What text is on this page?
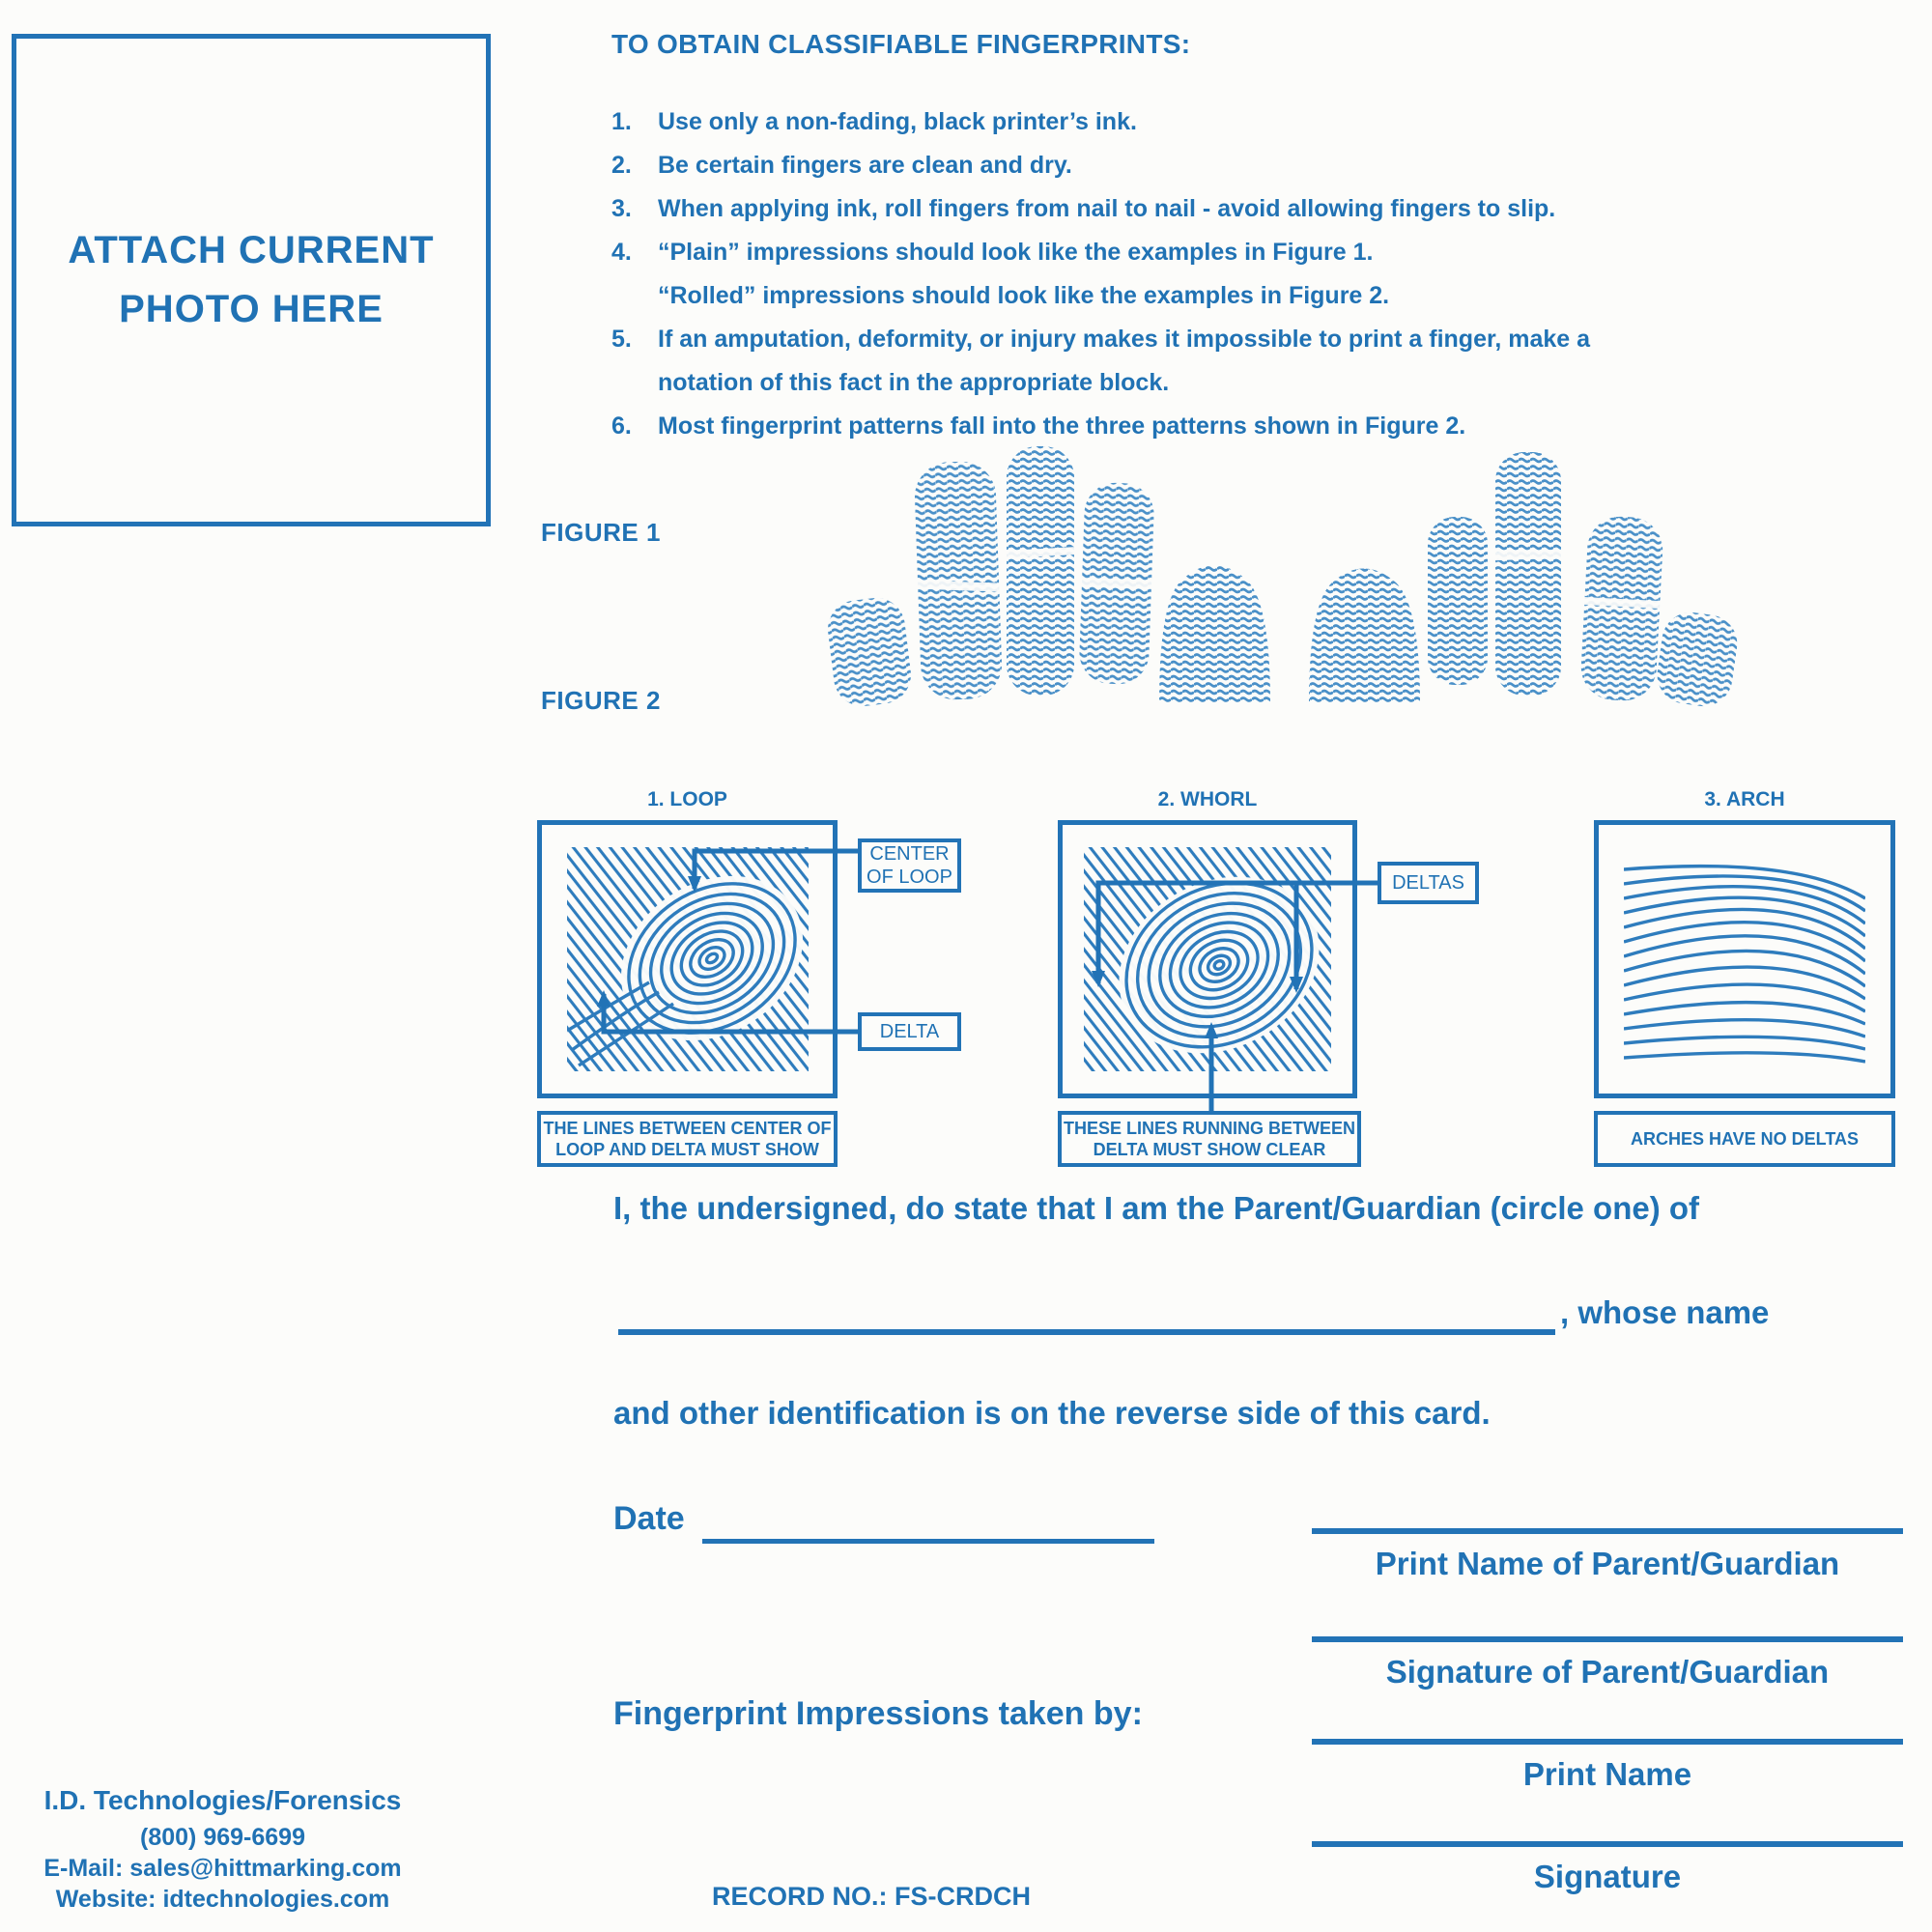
ATTACH CURRENT
PHOTO HERE
TO OBTAIN CLASSIFIABLE FINGERPRINTS:
1. Use only a non-fading, black printer’s ink.
2. Be certain fingers are clean and dry.
3. When applying ink, roll fingers from nail to nail - avoid allowing fingers to slip.
4. “Plain” impressions should look like the examples in Figure 1.
“Rolled” impressions should look like the examples in Figure 2.
5. If an amputation, deformity, or injury makes it impossible to print a finger, make a
notation of this fact in the appropriate block.
6. Most fingerprint patterns fall into the three patterns shown in Figure 2.
FIGURE 1
FIGURE 2
1. LOOP	2. WHORL	3. ARCH
THE LINES BETWEEN CENTER OF
LOOP AND DELTA MUST SHOW
THESE LINES RUNNING BETWEEN
DELTA MUST SHOW CLEAR
ARCHES HAVE NO DELTAS
CENTER
OF LOOP
DELTA
DELTAS
I, the undersigned, do state that I am the Parent/Guardian (circle one) of
, whose name
and other identification is on the reverse side of this card.
Date
Print Name of Parent/Guardian
Signature of Parent/Guardian
Fingerprint Impressions taken by:
Print Name
Signature
I.D. Technologies/Forensics
(800) 969-6699
E-Mail: sales@hittmarking.com
Website: idtechnologies.com	RECORD NO.: FS-CRDCH
